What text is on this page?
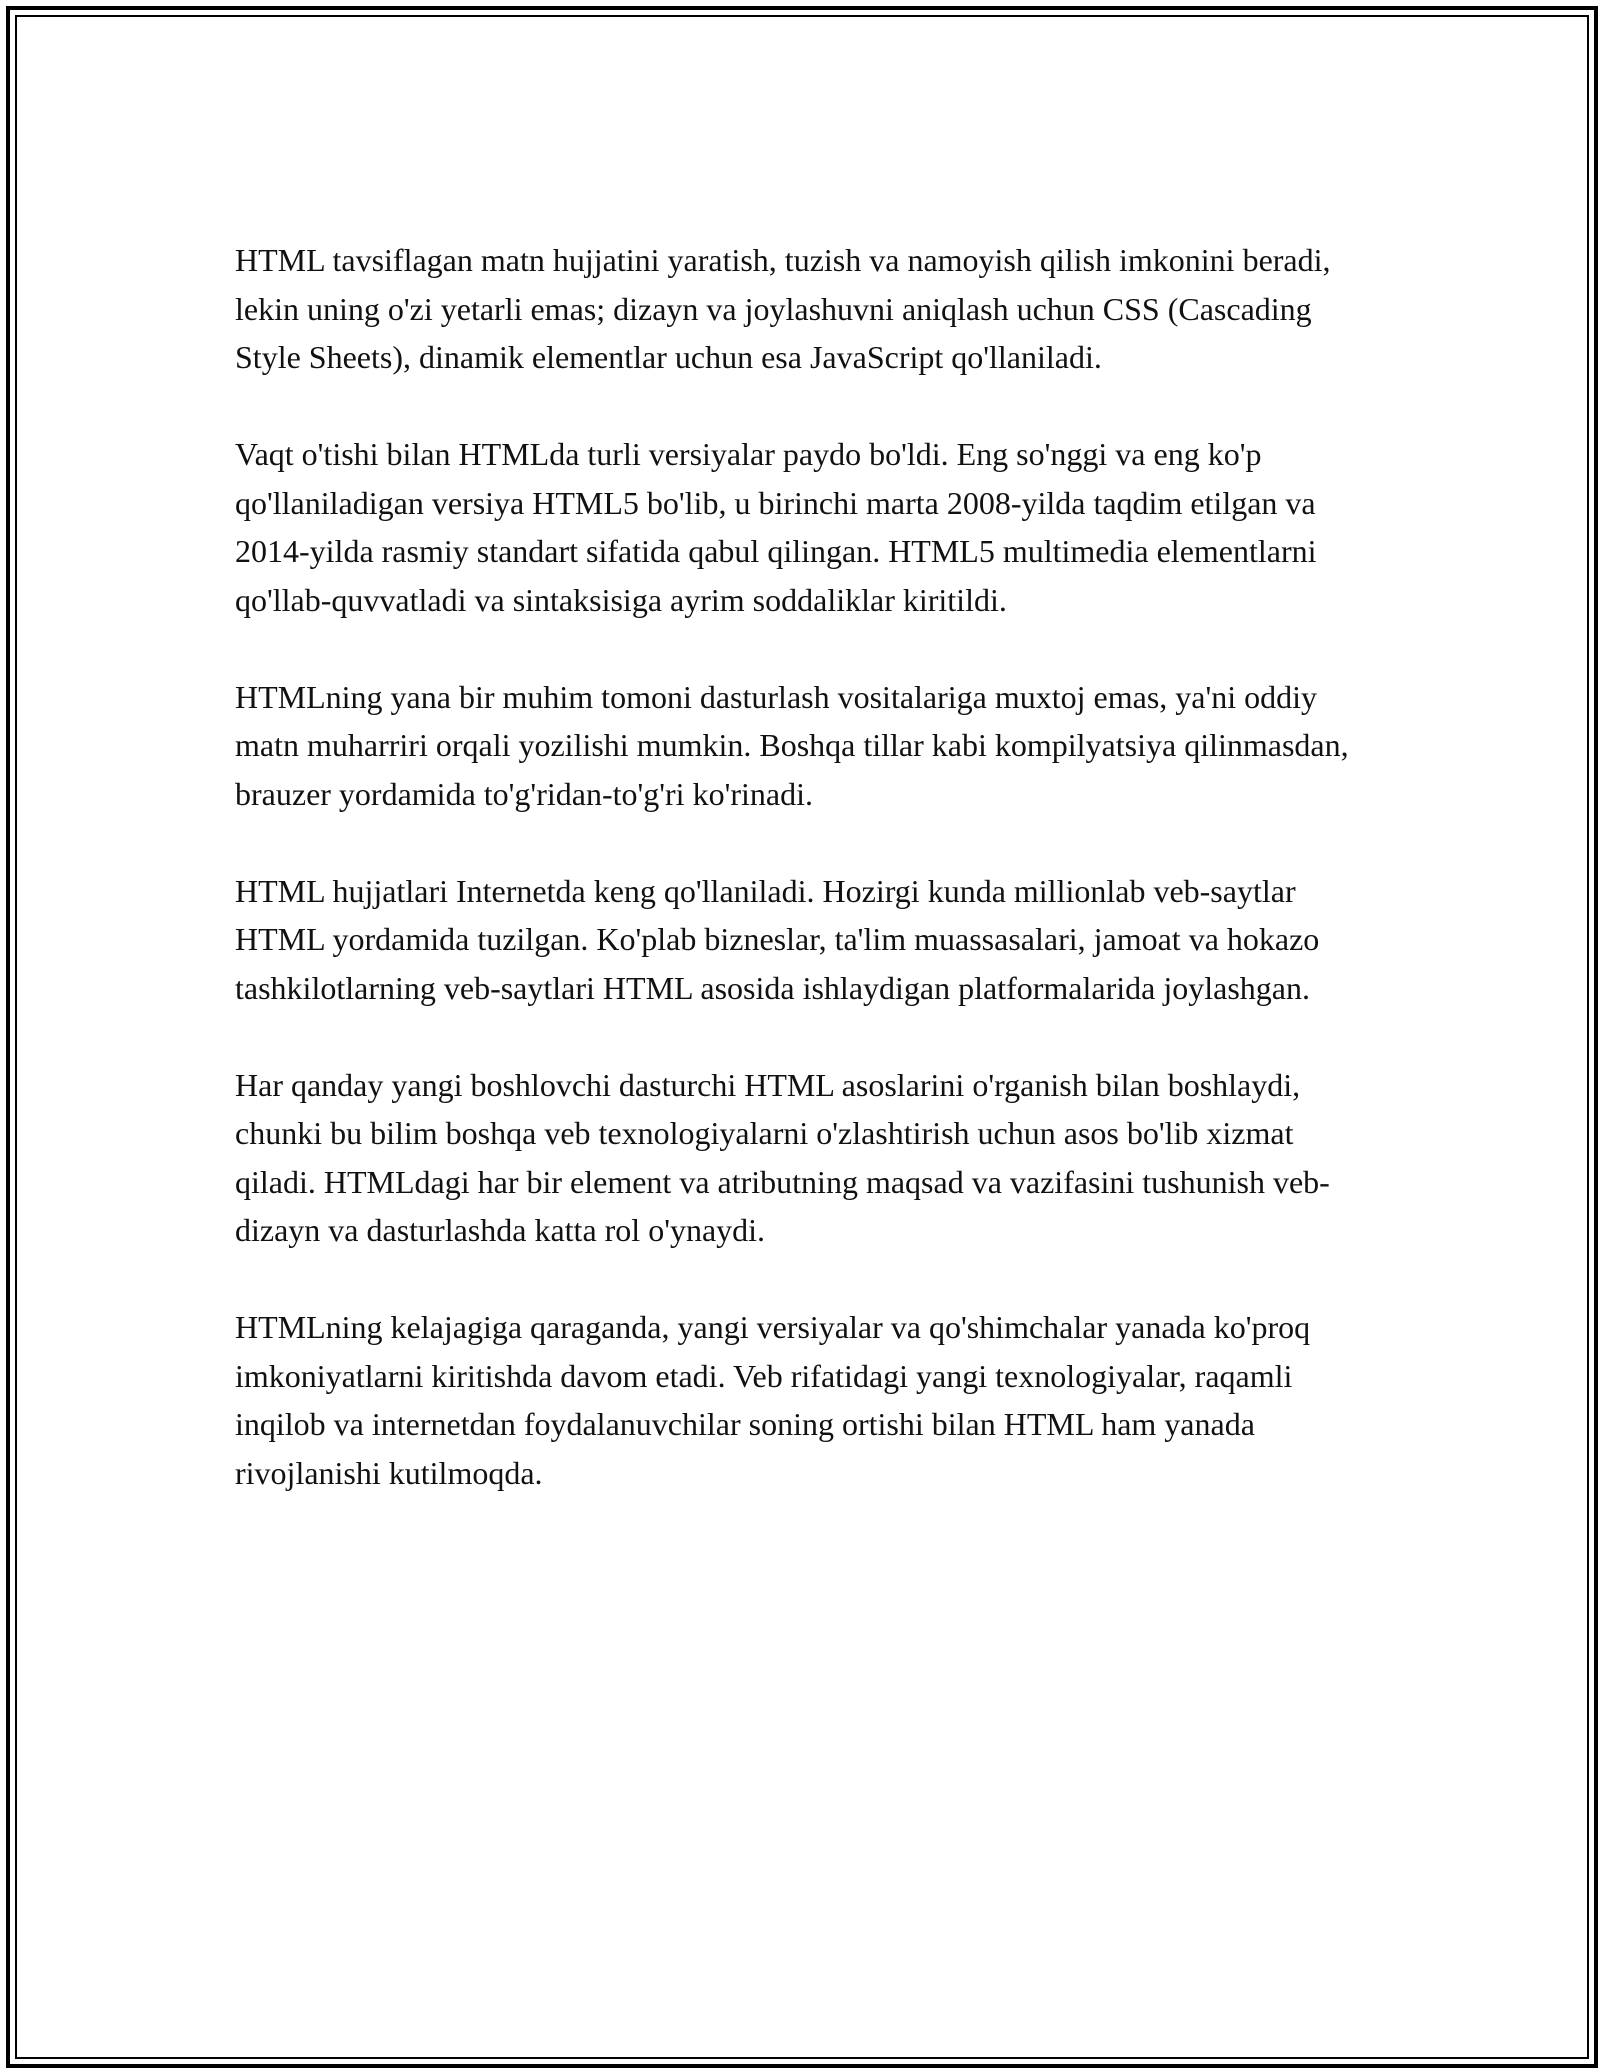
HTML tavsiflagan matn hujjatini yaratish, tuzish va namoyish qilish imkonini beradi, lekin uning o'zi yetarli emas; dizayn va joylashuvni aniqlash uchun CSS (Cascading Style Sheets), dinamik elementlar uchun esa JavaScript qo'llaniladi.

Vaqt o'tishi bilan HTMLda turli versiyalar paydo bo'ldi. Eng so'nggi va eng ko'p qo'llaniladigan versiya HTML5 bo'lib, u birinchi marta 2008-yilda taqdim etilgan va 2014-yilda rasmiy standart sifatida qabul qilingan. HTML5 multimedia elementlarni qo'llab-quvvatladi va sintaksisiga ayrim soddaliklar kiritildi.

HTMLning yana bir muhim tomoni dasturlash vositalariga muxtoj emas, ya'ni oddiy matn muharriri orqali yozilishi mumkin. Boshqa tillar kabi kompilyatsiya qilinmasdan, brauzer yordamida to'g'ridan-to'g'ri ko'rinadi.

HTML hujjatlari Internetda keng qo'llaniladi. Hozirgi kunda millionlab veb-saytlar HTML yordamida tuzilgan. Ko'plab bizneslar, ta'lim muassasalari, jamoat va hokazo tashkilotlarning veb-saytlari HTML asosida ishlaydigan platformalarida joylashgan.

Har qanday yangi boshlovchi dasturchi HTML asoslarini o'rganish bilan boshlaydi, chunki bu bilim boshqa veb texnologiyalarni o'zlashtirish uchun asos bo'lib xizmat qiladi. HTMLdagi har bir element va atributning maqsad va vazifasini tushunish veb-dizayn va dasturlashda katta rol o'ynaydi.

HTMLning kelajagiga qaraganda, yangi versiyalar va qo'shimchalar yanada ko'proq imkoniyatlarni kiritishda davom etadi. Veb rifatidagi yangi texnologiyalar, raqamli inqilob va internetdan foydalanuvchilar soning ortishi bilan HTML ham yanada rivojlanishi kutilmoqda.
